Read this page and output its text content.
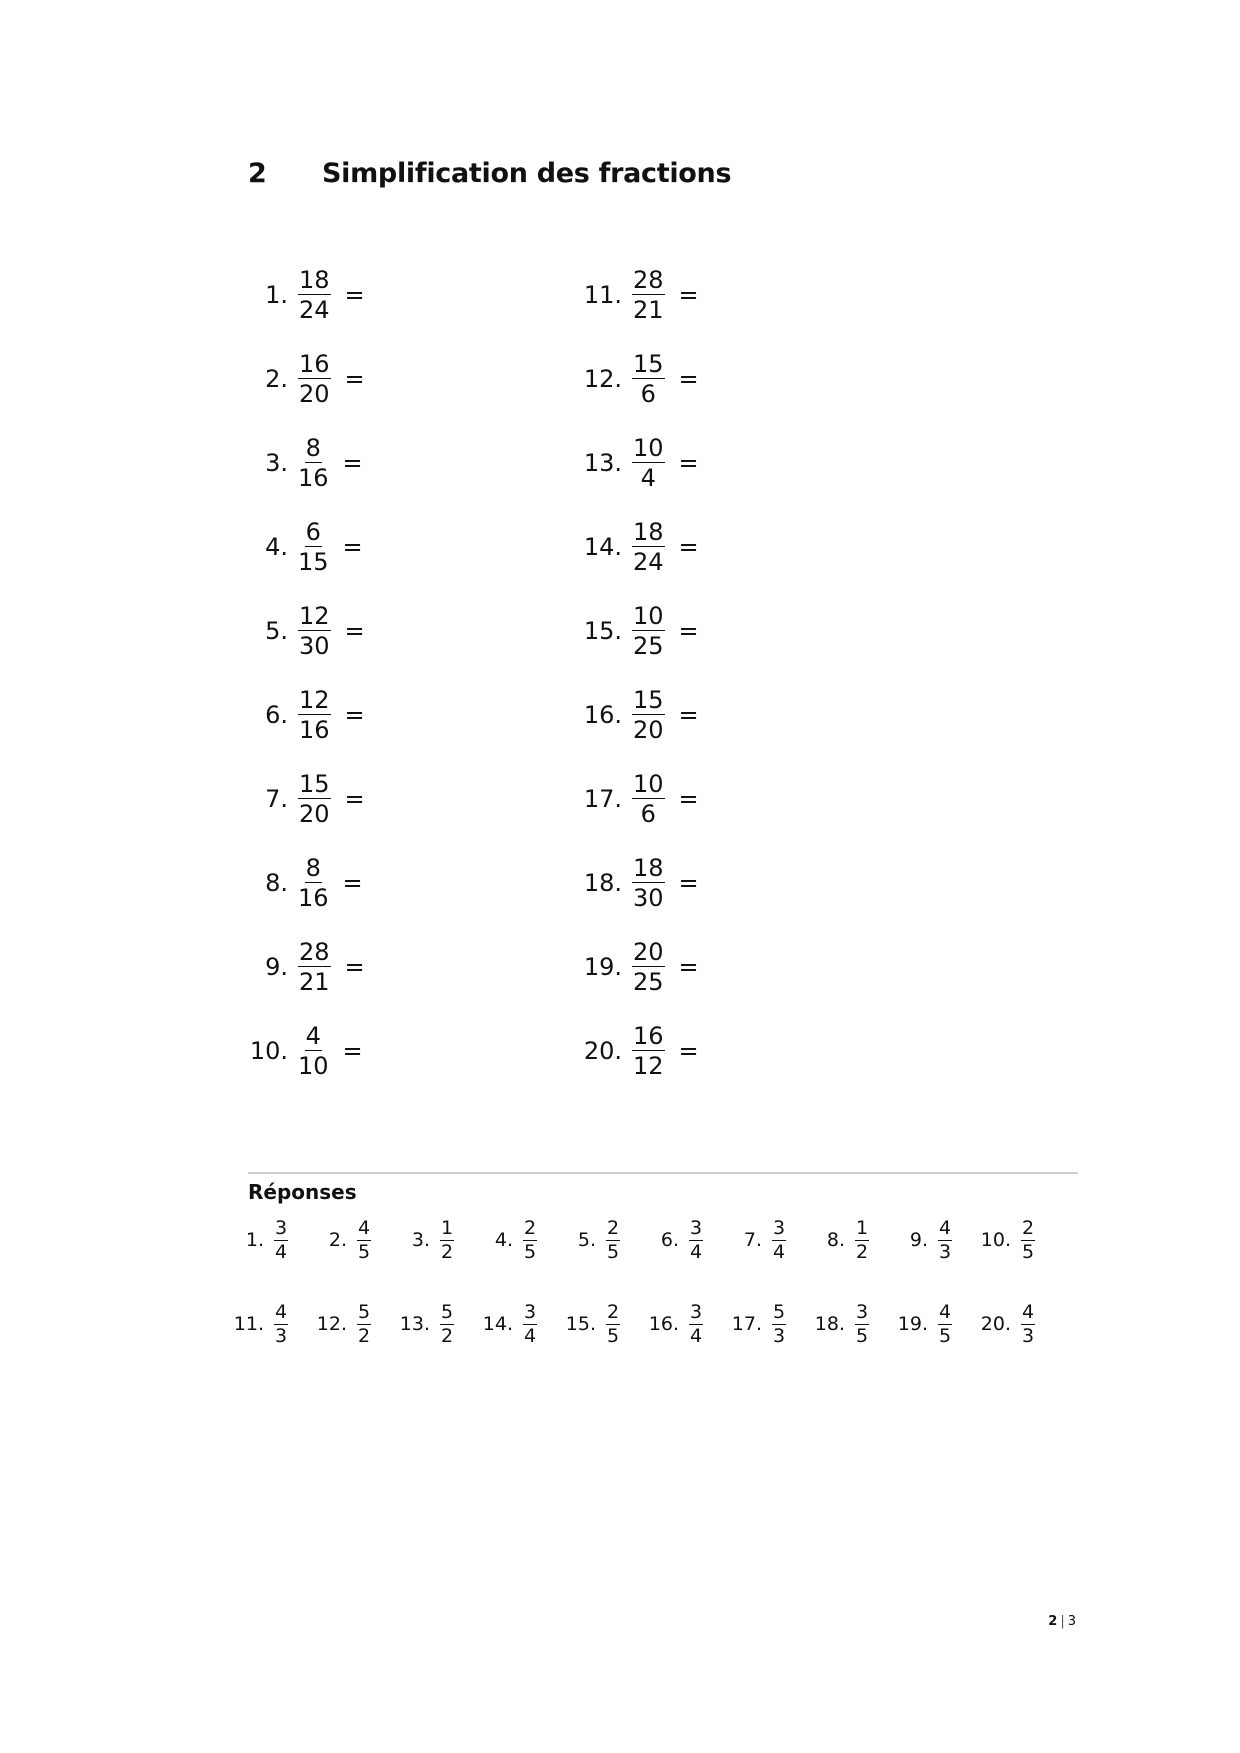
2	Simplification des fractions
1. $\frac{18}{24}$ =
2. $\frac{16}{20}$ =
3. $\frac{8}{16}$ =
4. $\frac{6}{15}$ =
5. $\frac{12}{30}$ =
6. $\frac{12}{16}$ =
7. $\frac{15}{20}$ =
8. $\frac{8}{16}$ =
9. $\frac{28}{21}$ =
10. $\frac{4}{10}$ =
11. $\frac{28}{21}$ =
12. $\frac{15}{6}$ =
13. $\frac{10}{4}$ =
14. $\frac{18}{24}$ =
15. $\frac{10}{25}$ =
16. $\frac{15}{20}$ =
17. $\frac{10}{6}$ =
18. $\frac{18}{30}$ =
19. $\frac{20}{25}$ =
20. $\frac{16}{12}$ =
Réponses
1. $\frac{3}{4}$	2. $\frac{4}{5}$	3. $\frac{1}{2}$	4. $\frac{2}{5}$	5. $\frac{2}{5}$	6. $\frac{3}{4}$	7. $\frac{3}{4}$	8. $\frac{1}{2}$	9. $\frac{4}{3}$	10. $\frac{2}{5}$
11. $\frac{4}{3}$	12. $\frac{5}{2}$	13. $\frac{5}{2}$	14. $\frac{3}{4}$	15. $\frac{2}{5}$	16. $\frac{3}{4}$	17. $\frac{5}{3}$	18. $\frac{3}{5}$	19. $\frac{4}{5}$	20. $\frac{4}{3}$
2 | 3
